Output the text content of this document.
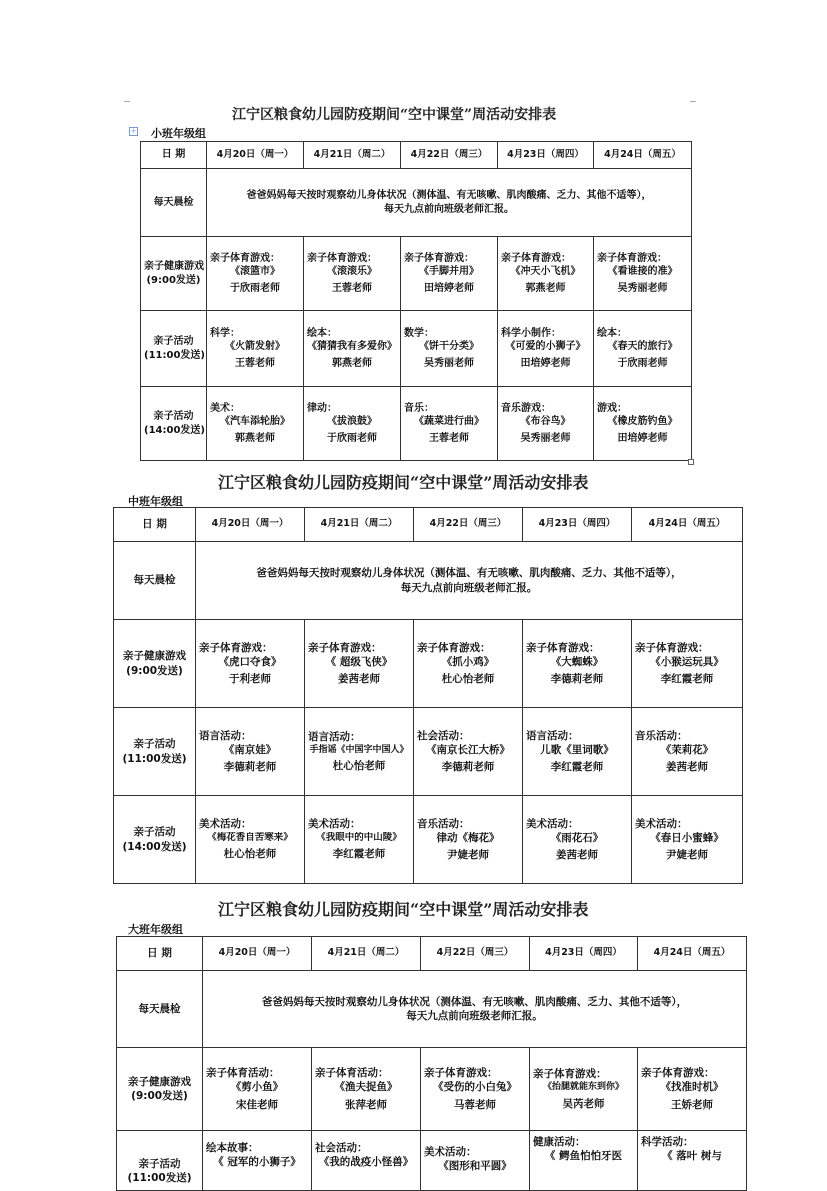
江宁区粮食幼儿园防疫期间“空中课堂”周活动安排表
+ 小班年级组
日 期	4月20日（周一）	4月21日（周二）	4月22日（周三）	4月23日（周四）	4月24日（周五）
每天晨检	爸爸妈妈每天按时观察幼儿身体状况（测体温、有无咳嗽、肌肉酸痛、乏力、其他不适等），
每天九点前向班级老师汇报。				

亲子健康游戏
(9:00发送)	亲子体育游戏：
《滚篮市》
于欣雨老师	亲子体育游戏：
《滚滚乐》
王蓉老师	亲子体育游戏：
《手脚并用》
田培婷老师	亲子体育游戏：
《冲天小飞机》
郭燕老师	亲子体育游戏：
《看谁接的准》
吴秀丽老师

亲子活动
(11:00发送)	科学：
《火箭发射》
王蓉老师	绘本：
《猜猜我有多爱你》
郭燕老师	数学：
《饼干分类》
吴秀丽老师	科学小制作：
《可爱的小狮子》
田培婷老师	绘本：
《春天的旅行》
于欣雨老师

亲子活动
(14:00发送)	美术：
《汽车添轮胎》
郭燕老师	律动：
《拔浪鼓》
于欣雨老师	音乐：
《蔬菜进行曲》
王蓉老师	音乐游戏：
《布谷鸟》
吴秀丽老师	游戏：
《橡皮筋钓鱼》
田培婷老师
江宁区粮食幼儿园防疫期间“空中课堂”周活动安排表
中班年级组
日 期	4月20日（周一）	4月21日（周二）	4月22日（周三）	4月23日（周四）	4月24日（周五）
每天晨检	爸爸妈妈每天按时观察幼儿身体状况（测体温、有无咳嗽、肌肉酸痛、乏力、其他不适等），
每天九点前向班级老师汇报。				

亲子健康游戏
(9:00发送)	亲子体育游戏：
《虎口夺食》
于利老师	亲子体育游戏：
《 超级飞侠》
姜茜老师	亲子体育游戏：
《抓小鸡》
杜心怡老师	亲子体育游戏：
《大蜘蛛》
李德莉老师	亲子体育游戏：
《小猴运玩具》
李红霞老师

亲子活动
(11:00发送)	语言活动：
《南京娃》
李德莉老师	语言活动：
手指谣《中国字中国人》
杜心怡老师	社会活动：
《南京长江大桥》
李德莉老师	语言活动：
儿歌《里词歌》
李红霞老师	音乐活动：
《茉莉花》
姜茜老师

亲子活动
(14:00发送)	美术活动：
《梅花香自苦寒来》
杜心怡老师	美术活动：
《我眼中的中山陵》
李红霞老师	音乐活动：
律动《梅花》
尹婕老师	美术活动：
《雨花石》
姜茜老师	美术活动：
《春日小蜜蜂》
尹婕老师
江宁区粮食幼儿园防疫期间“空中课堂”周活动安排表
大班年级组
日 期	4月20日（周一）	4月21日（周二）	4月22日（周三）	4月23日（周四）	4月24日（周五）
每天晨检	爸爸妈妈每天按时观察幼儿身体状况（测体温、有无咳嗽、肌肉酸痛、乏力、其他不适等），
每天九点前向班级老师汇报。				

亲子健康游戏
(9:00发送)	亲子体育活动：
《剪小鱼》
宋佳老师	亲子体育活动：
《渔夫捉鱼》
张萍老师	亲子体育游戏：
《受伤的小白兔》
马蓉老师	亲子体育游戏：
《抬腿就能东到你》
吴芮老师	亲子体育游戏：
《找准时机》
王娇老师

亲子活动
(11:00发送)	绘本故事：
《 冠军的小狮子》	社会活动：
《我的战疫小怪兽》	美术活动：
《图形和平圆》	健康活动：
《 鳄鱼怕怕牙医	科学活动：
《 落叶 树与
